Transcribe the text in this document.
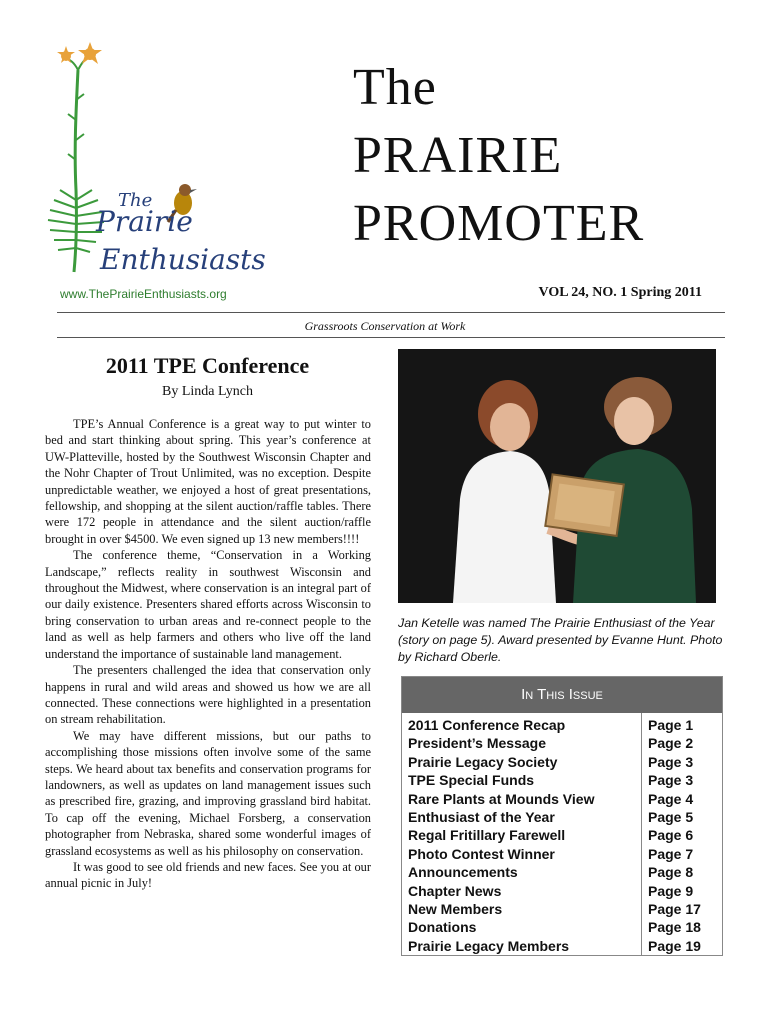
The
Prairie
Enthusiasts
www.ThePrairieEnthusiasts.org
The
PRAIRIE
PROMOTER
VOL 24, NO. 1 Spring 2011
Grassroots Conservation at Work
2011 TPE Conference
By Linda Lynch

TPE’s Annual Conference is a great way to put winter to bed and start thinking about spring. This year’s conference at UW-Platteville, hosted by the Southwest Wisconsin Chapter and the Nohr Chapter of Trout Unlimited, was no exception. Despite unpredictable weather, we enjoyed a host of great presentations, fellowship, and shopping at the silent auction/raffle tables. There were 172 people in attendance and the silent auction/raffle brought in over $4500. We even signed up 13 new members!!!!

The conference theme, “Conservation in a Working Landscape,” reflects reality in southwest Wisconsin and throughout the Midwest, where conservation is an integral part of our daily existence. Presenters shared efforts across Wisconsin to bring conservation to urban areas and re-connect people to the land as well as help farmers and others who live off the land understand the importance of sustainable land management.

The presenters challenged the idea that conservation only happens in rural and wild areas and showed us how we are all connected. These connections were highlighted in a presentation on stream rehabilitation.

We may have different missions, but our paths to accomplishing those missions often involve some of the same steps. We heard about tax benefits and conservation programs for landowners, as well as updates on land management issues such as prescribed fire, grazing, and improving grassland bird habitat. To cap off the evening, Michael Forsberg, a conservation photographer from Nebraska, shared some wonderful images of grassland ecosystems as well as his philosophy on conservation.

It was good to see old friends and new faces. See you at our annual picnic in July!

Jan Ketelle was named The Prairie Enthusiast of the Year (story on page 5). Award presented by Evanne Hunt. Photo by Richard Oberle.
In This Issue
2011 Conference Recap	Page 1
President’s Message	Page 2
Prairie Legacy Society	Page 3
TPE Special Funds	Page 3
Rare Plants at Mounds View	Page 4
Enthusiast of the Year	Page 5
Regal Fritillary Farewell	Page 6
Photo Contest Winner	Page 7
Announcements	Page 8
Chapter News	Page 9
New Members	Page 17
Donations	Page 18
Prairie Legacy Members	Page 19
